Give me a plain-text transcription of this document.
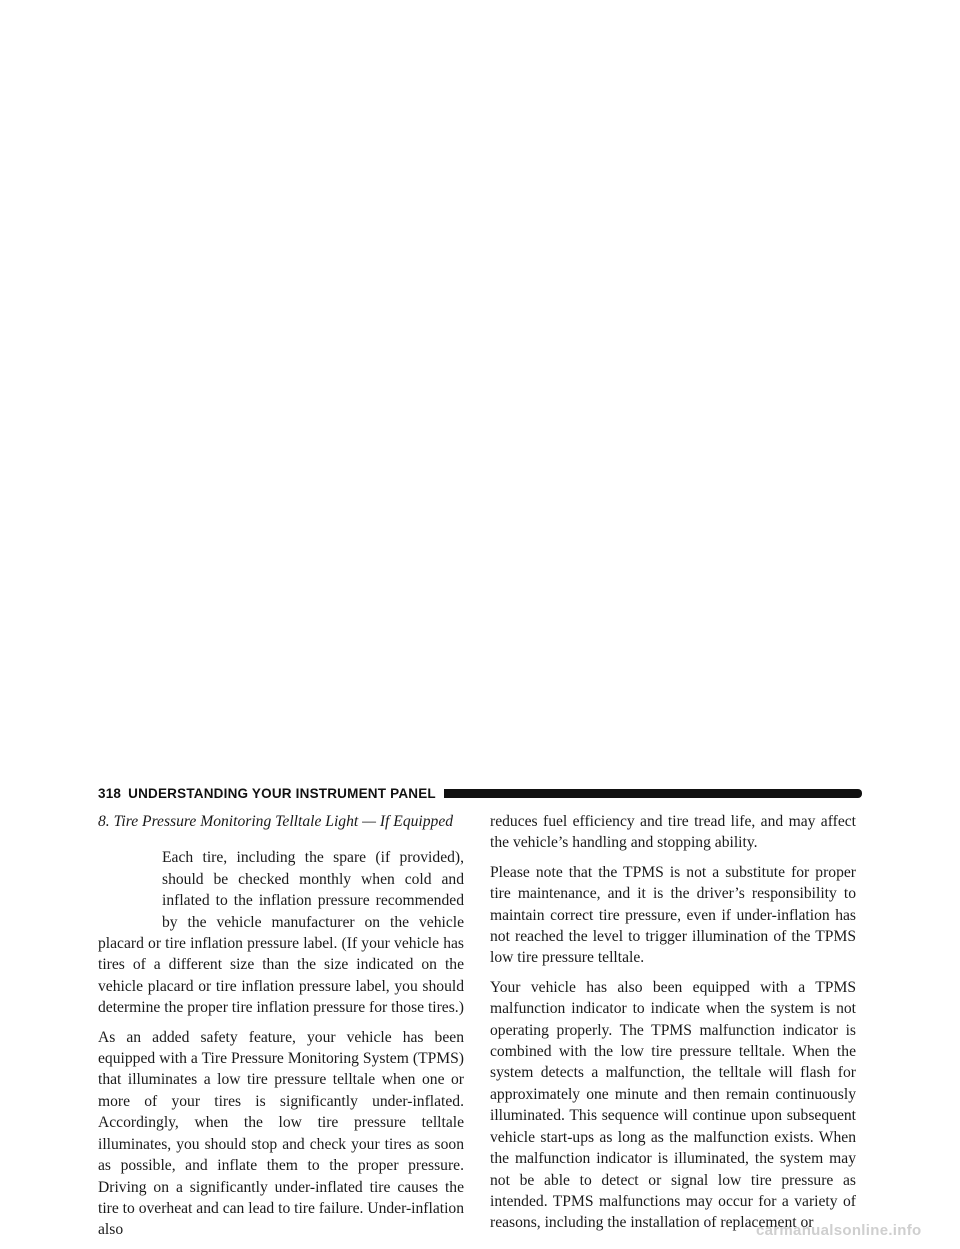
318 UNDERSTANDING YOUR INSTRUMENT PANEL
8. Tire Pressure Monitoring Telltale Light — If Equipped

Each tire, including the spare (if provided), should be checked monthly when cold and inflated to the inflation pressure recommended by the vehicle manufacturer on the vehicle placard or tire inflation pressure label. (If your vehicle has tires of a different size than the size indicated on the vehicle placard or tire inflation pressure label, you should determine the proper tire inflation pressure for those tires.)

As an added safety feature, your vehicle has been equipped with a Tire Pressure Monitoring System (TPMS) that illuminates a low tire pressure telltale when one or more of your tires is significantly under-inflated. Accordingly, when the low tire pressure telltale illuminates, you should stop and check your tires as soon as possible, and inflate them to the proper pressure. Driving on a significantly under-inflated tire causes the tire to overheat and can lead to tire failure. Under-inflation also

reduces fuel efficiency and tire tread life, and may affect the vehicle’s handling and stopping ability.

Please note that the TPMS is not a substitute for proper tire maintenance, and it is the driver’s responsibility to maintain correct tire pressure, even if under-inflation has not reached the level to trigger illumination of the TPMS low tire pressure telltale.

Your vehicle has also been equipped with a TPMS malfunction indicator to indicate when the system is not operating properly. The TPMS malfunction indicator is combined with the low tire pressure telltale. When the system detects a malfunction, the telltale will flash for approximately one minute and then remain continuously illuminated. This sequence will continue upon subsequent vehicle start-ups as long as the malfunction exists. When the malfunction indicator is illuminated, the system may not be able to detect or signal low tire pressure as intended. TPMS malfunctions may occur for a variety of reasons, including the installation of replacement or

carmanualsonline.info
